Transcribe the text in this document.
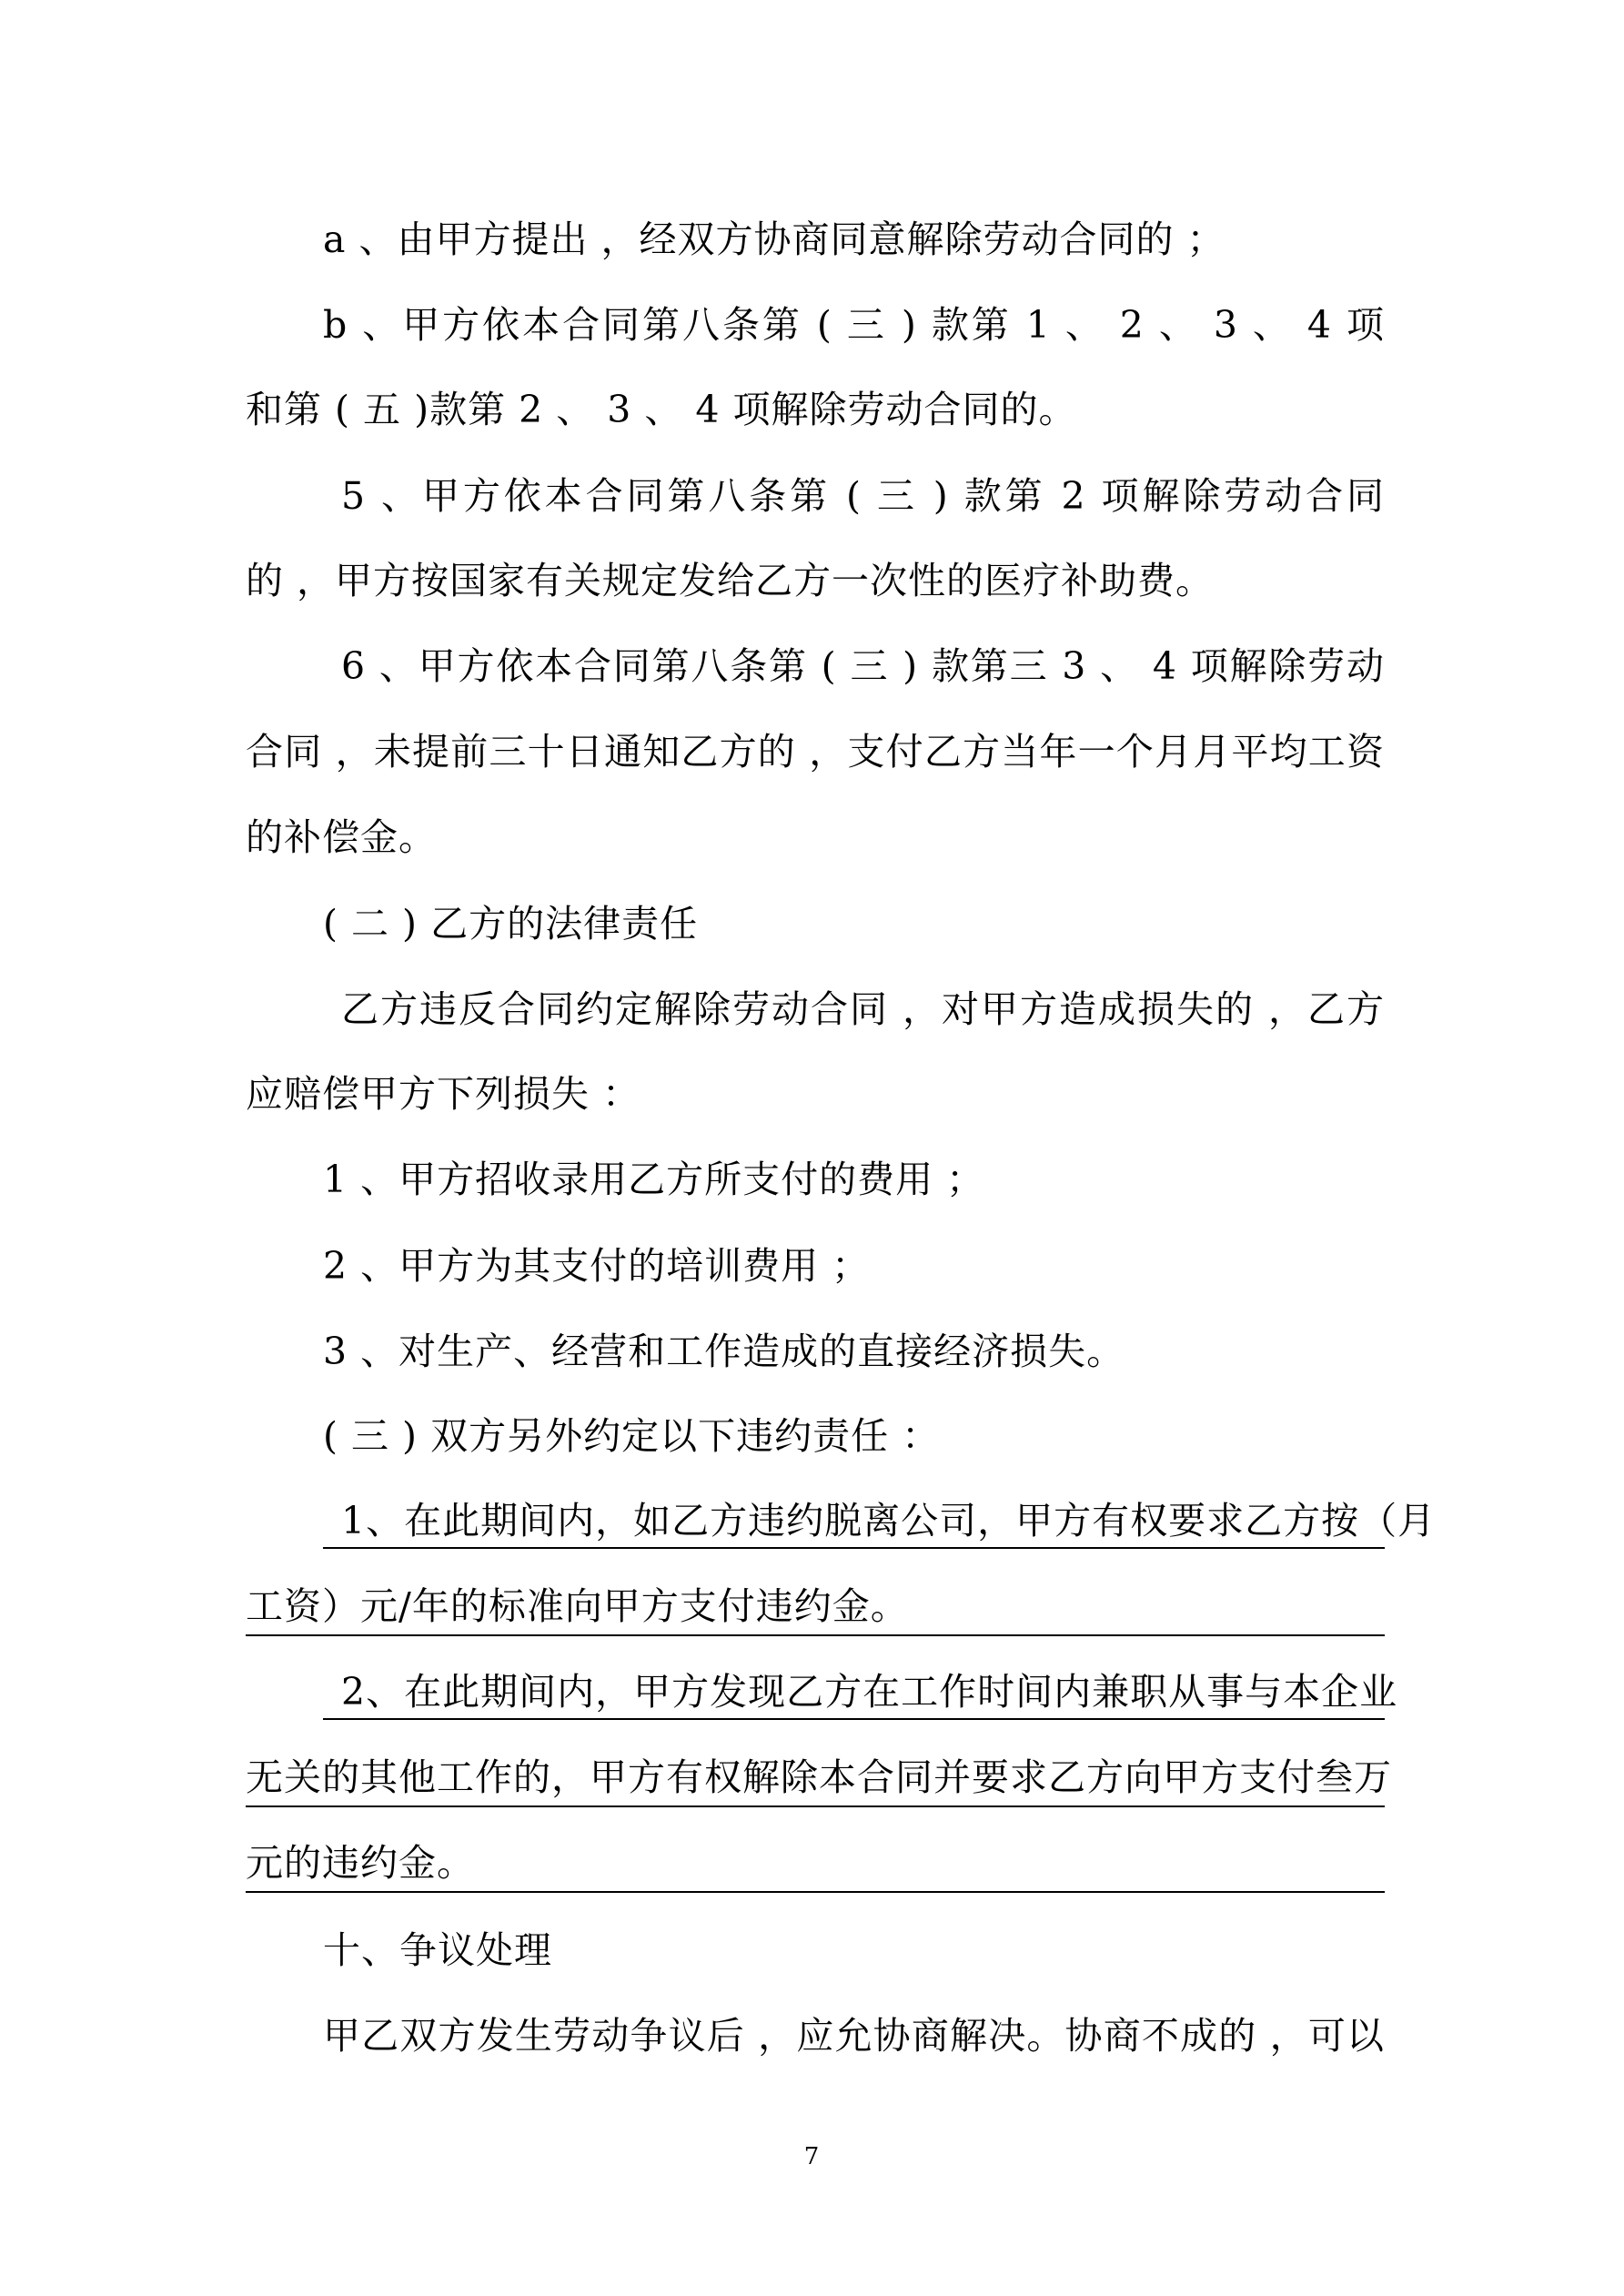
a 、由甲方提出 ，经双方协商同意解除劳动合同的 ；
b 、甲方依本合同第八条第 ( 三 ) 款第 1 、 2 、 3 、 4 项
和第 ( 五 )款第 2 、 3 、 4 项解除劳动合同的。
5 、甲方依本合同第八条第 ( 三 ) 款第 2 项解除劳动合同
的 ，甲方按国家有关规定发给乙方一次性的医疗补助费。
6 、甲方依本合同第八条第 ( 三 ) 款第三 3 、 4 项解除劳动
合同 ，未提前三十日通知乙方的 ，支付乙方当年一个月月平均工资
的补偿金。
( 二 ) 乙方的法律责任
乙方违反合同约定解除劳动合同 ，对甲方造成损失的 ，乙方
应赔偿甲方下列损失 ：
1 、甲方招收录用乙方所支付的费用 ；
2 、甲方为其支付的培训费用 ；
3 、对生产、经营和工作造成的直接经济损失。
( 三 ) 双方另外约定以下违约责任 ：
1、在此期间内，如乙方违约脱离公司，甲方有权要求乙方按（月
工资）元/年的标准向甲方支付违约金。
2、在此期间内，甲方发现乙方在工作时间内兼职从事与本企业
无关的其他工作的，甲方有权解除本合同并要求乙方向甲方支付叁万
元的违约金。
十、争议处理
甲乙双方发生劳动争议后 ，应允协商解决。协商不成的 ，可以
7
